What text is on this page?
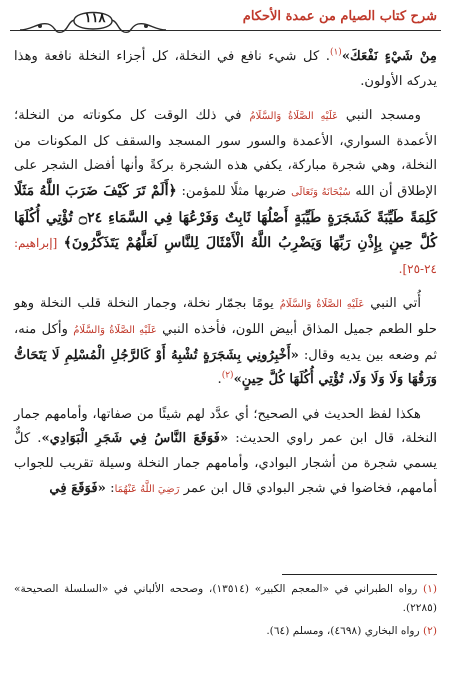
شرح كتاب الصيام من عمدة الأحكام
١١٨

مِنْ شَيْءٍ نَفْعَكَ»$^{(١)}$. كل شيء نافع في النخلة، كل أجزاء النخلة نافعة وهذا يدركه الأولون.

ومسجد النبي عَلَيْهِ الصَّلَاةُ وَالسَّلَامُ في ذلك الوقت كل مكوناته من النخلة؛ الأعمدة السواري، الأعمدة والسور سور المسجد والسقف كل المكونات من النخلة، وهي شجرة مباركة، يكفي هذه الشجرة بركةً وأنها أفضل الشجر على الإطلاق أن الله سُبْحَانَهُ وَتَعَالَى ضربها مثلًا للمؤمن: ﴿أَلَمْ تَرَ كَيْفَ ضَرَبَ اللَّهُ مَثَلًا كَلِمَةً طَيِّبَةً كَشَجَرَةٍ طَيِّبَةٍ أَصْلُهَا ثَابِتٌ وَفَرْعُهَا فِي السَّمَاءِ ۝٢٤ تُؤْتِي أُكُلَهَا كُلَّ حِينٍ بِإِذْنِ رَبِّهَا وَيَضْرِبُ اللَّهُ الْأَمْثَالَ لِلنَّاسِ لَعَلَّهُمْ يَتَذَكَّرُونَ﴾ [إبراهيم: ٢٤-٢٥].

أُتي النبي عَلَيْهِ الصَّلَاةُ وَالسَّلَامُ يومًا بجمّار نخلة، وجمار النخلة قلب النخلة وهو حلو الطعم جميل المذاق أبيض اللون، فأخذه النبي عَلَيْهِ الصَّلَاةُ وَالسَّلَامُ وأكل منه، ثم وضعه بين يديه وقال: «أَخْبِرُونِي بِشَجَرَةٍ تُشْبِهُ أَوْ كَالرَّجُلِ الْمُسْلِمِ لَا يَتَحَاتُّ وَرَقُهَا وَلَا وَلَا وَلَا، تُؤْتِي أُكُلَهَا كُلَّ حِينٍ»$^{(٢)}$.

هكذا لفظ الحديث في الصحيح؛ أي عدَّد لهم شيئًا من صفاتها، وأمامهم جمار النخلة، قال ابن عمر راوي الحديث: «فَوَقَعَ النَّاسُ فِي شَجَرِ الْبَوَادِي». كلٌّ يسمي شجرة من أشجار البوادي، وأمامهم جمار النخلة وسيلة تقريب للجواب أمامهم، فخاضوا في شجر البوادي قال ابن عمر رَضِيَ اللَّهُ عَنْهُمَا: «فَوَقَعَ فِي

(١) رواه الطبراني في «المعجم الكبير» (١٣٥١٤)، وصححه الألباني في «السلسلة الصحيحة» (٢٢٨٥).

(٢) رواه البخاري (٤٦٩٨)، ومسلم (٦٤).
